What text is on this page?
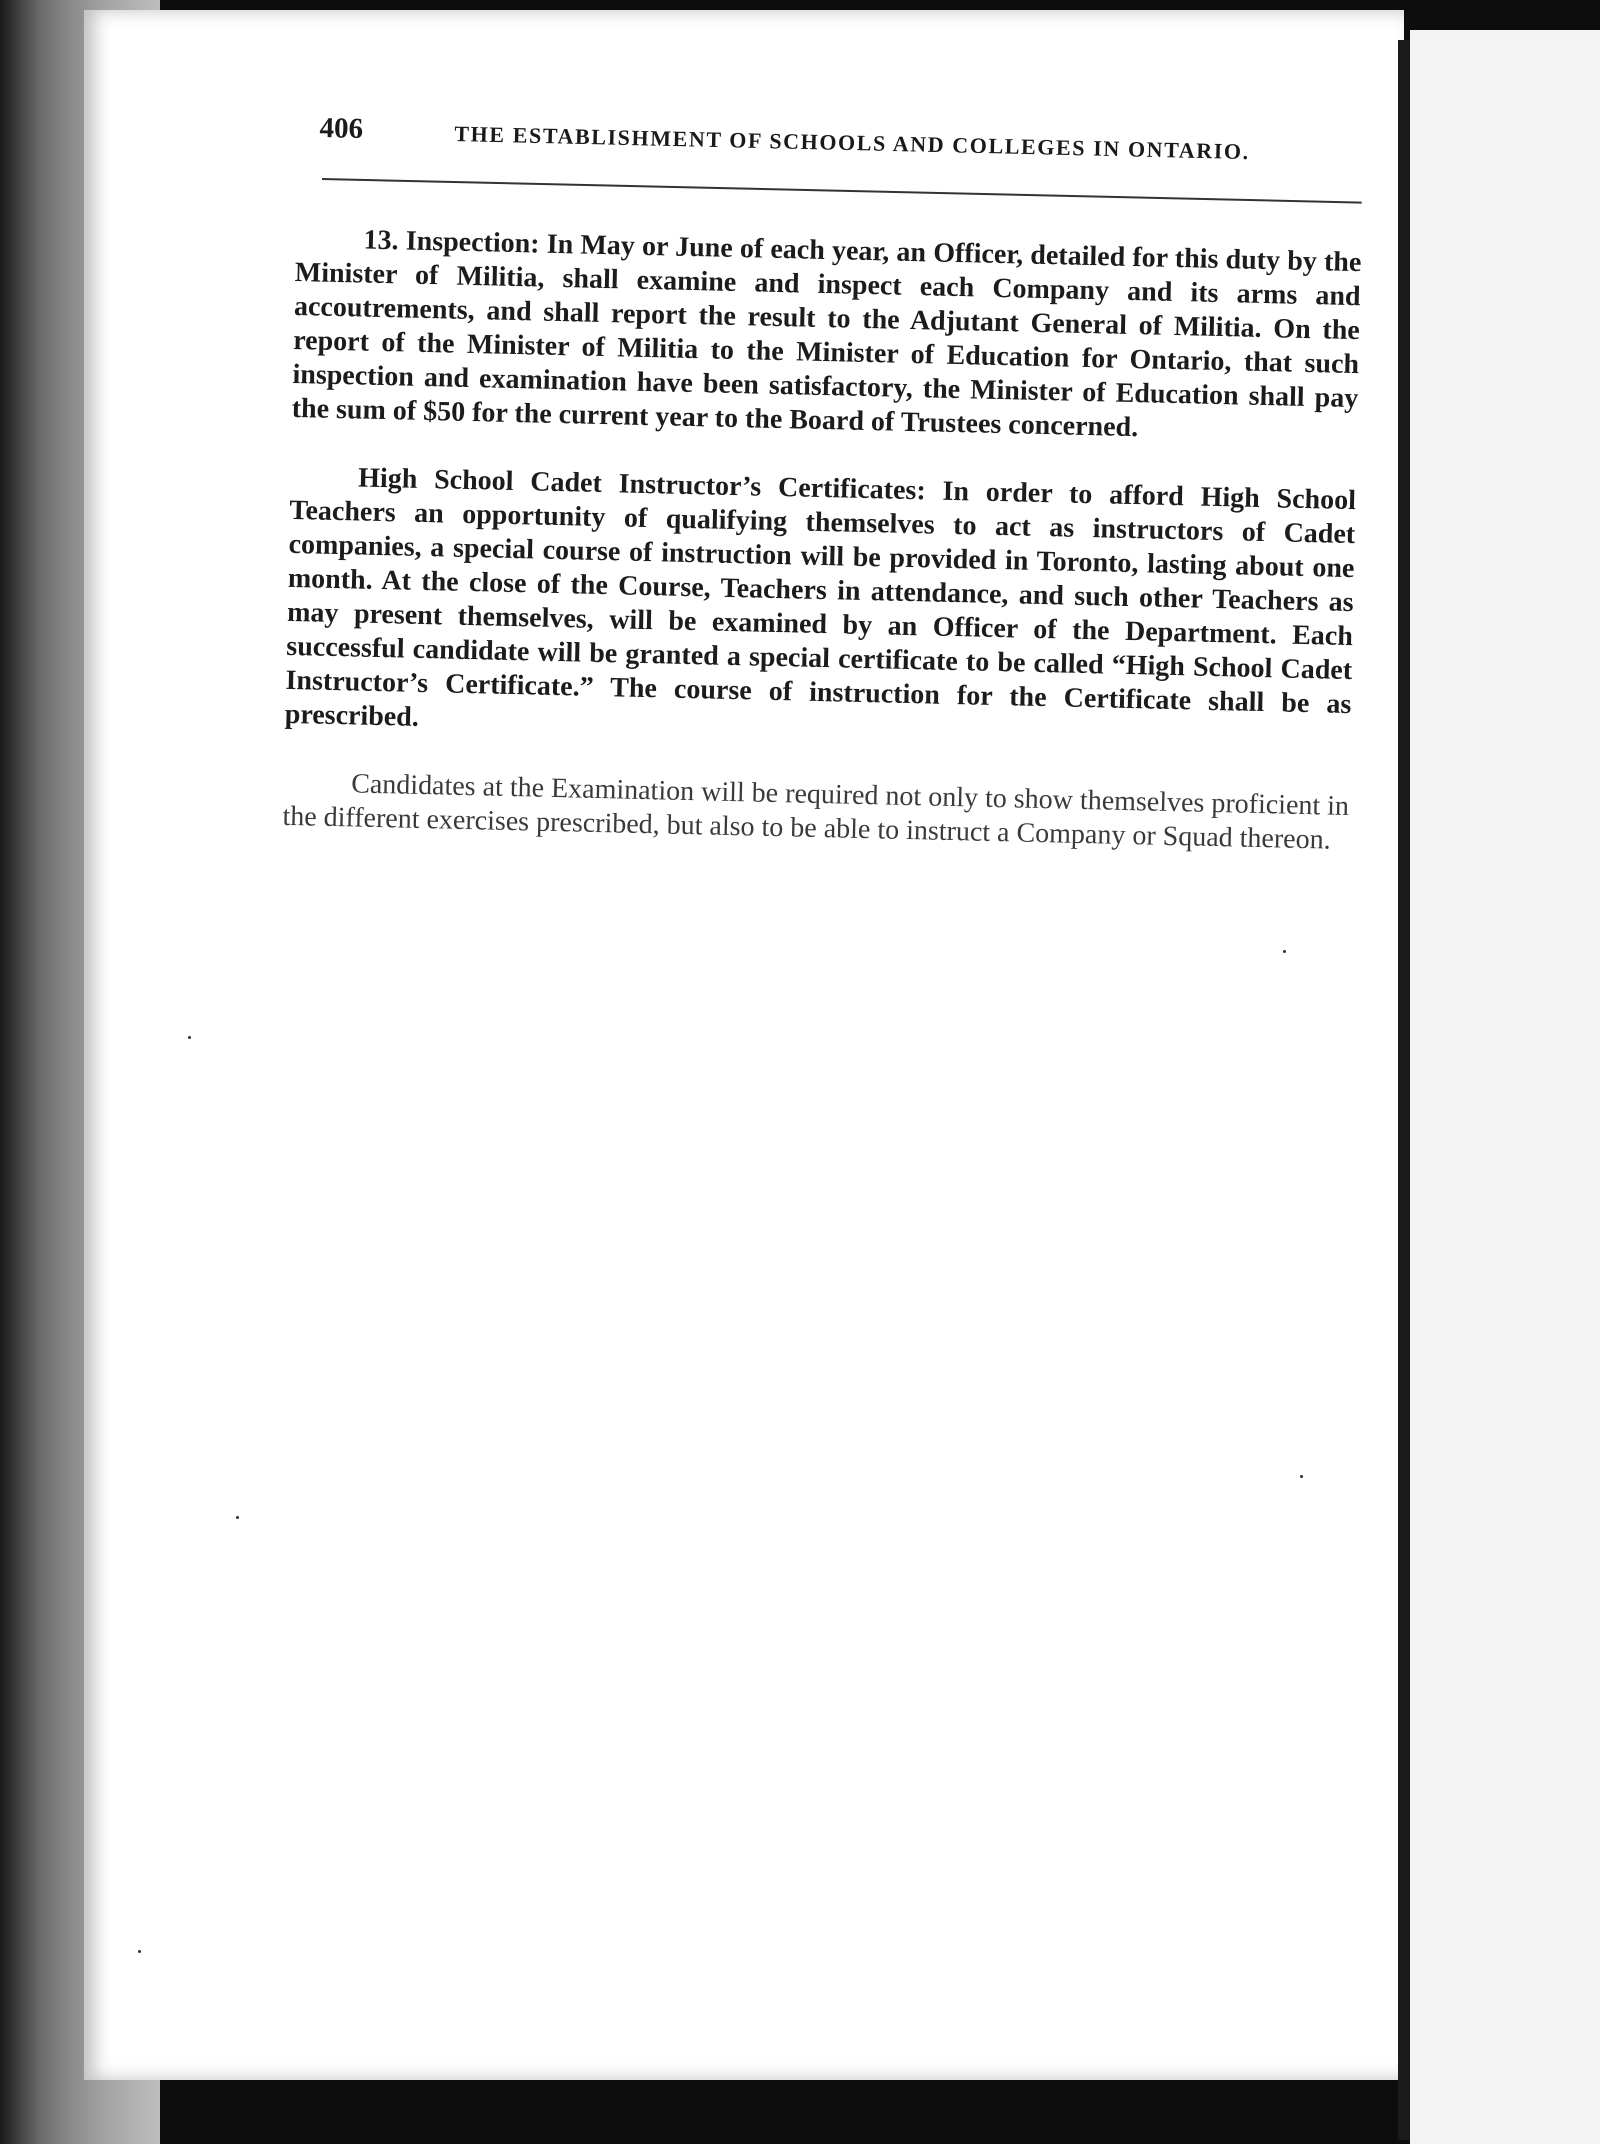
406	THE ESTABLISHMENT OF SCHOOLS AND COLLEGES IN ONTARIO.

13. Inspection: In May or June of each year, an Officer, detailed for this duty by the Minister of Militia, shall examine and inspect each Company and its arms and accoutrements, and shall report the result to the Adjutant General of Militia. On the report of the Minister of Militia to the Minister of Education for Ontario, that such inspection and examination have been satisfactory, the Minister of Education shall pay the sum of $50 for the current year to the Board of Trustees concerned.

High School Cadet Instructor’s Certificates: In order to afford High School Teachers an opportunity of qualifying themselves to act as instructors of Cadet companies, a special course of instruction will be provided in Toronto, lasting about one month. At the close of the Course, Teachers in attendance, and such other Teachers as may present themselves, will be examined by an Officer of the Department. Each successful candidate will be granted a special certificate to be called “High School Cadet Instructor’s Certificate.” The course of instruction for the Certificate shall be as prescribed.

Candidates at the Examination will be required not only to show themselves proficient in the different exercises prescribed, but also to be able to instruct a Company or Squad thereon.
